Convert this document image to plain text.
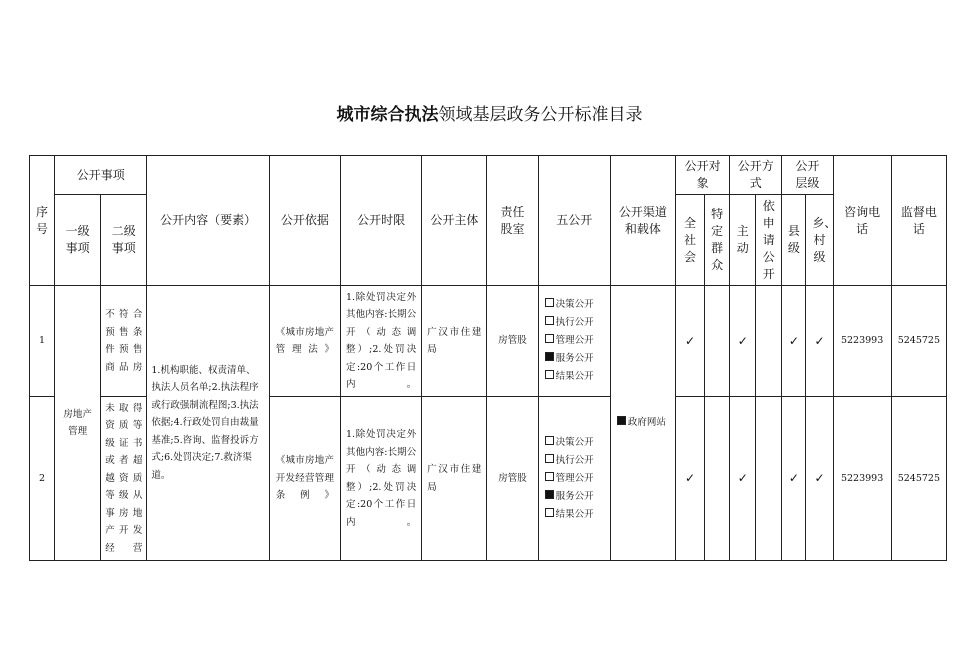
城市综合执法领域基层政务公开标准目录
序号	公开事项		公开内容（要素）	公开依据	公开时限	公开主体	责任股室	五公开	公开渠道和载体	公开对象		公开方式		公开层级		咨询电话	监督电话
	一级事项	二级事项								全社会	特定群众	主动	依申请公开	县级	乡、村级		

1	房地产管理	不符合预售条件预售商品房	1.机构职能、权责清单、执法人员名单;2.执法程序或行政强制流程图;3.执法依据;4.行政处罚自由裁量基准;5.咨询、监督投诉方式;6.处罚决定;7.救济渠道。	《城市房地产管理法》	1.除处罚决定外其他内容:长期公开（动态调整）;2.处罚决定:20个工作日内。	广汉市住建局	房管股	决策公开
执行公开
管理公开
服务公开
结果公开	政府网站	✓		✓		✓	✓	5223993	5245725
2		未取得资质等级证书或者超越资质等级从事房地产开发经营		《城市房地产开发经营管理条例》	1.除处罚决定外其他内容:长期公开（动态调整）;2.处罚决定:20个工作日内。	广汉市住建局	房管股	决策公开
执行公开
管理公开
服务公开
结果公开		✓		✓		✓	✓	5223993	5245725
